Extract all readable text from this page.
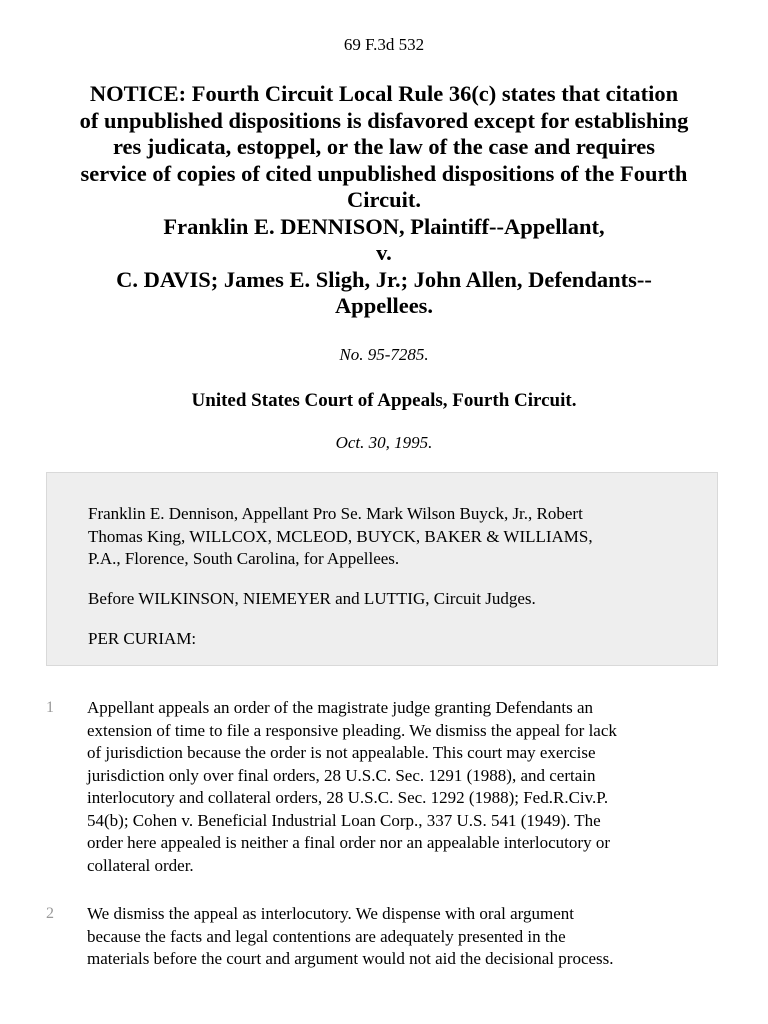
69 F.3d 532
NOTICE: Fourth Circuit Local Rule 36(c) states that citation
of unpublished dispositions is disfavored except for establishing
res judicata, estoppel, or the law of the case and requires
service of copies of cited unpublished dispositions of the Fourth
Circuit.
Franklin E. DENNISON, Plaintiff--Appellant,
v.
C. DAVIS; James E. Sligh, Jr.; John Allen, Defendants--
Appellees.
No. 95-7285.
United States Court of Appeals, Fourth Circuit.
Oct. 30, 1995.

Franklin E. Dennison, Appellant Pro Se. Mark Wilson Buyck, Jr., Robert
Thomas King, WILLCOX, MCLEOD, BUYCK, BAKER & WILLIAMS,
P.A., Florence, South Carolina, for Appellees.

Before WILKINSON, NIEMEYER and LUTTIG, Circuit Judges.

PER CURIAM:

1 Appellant appeals an order of the magistrate judge granting Defendants an
extension of time to file a responsive pleading. We dismiss the appeal for lack
of jurisdiction because the order is not appealable. This court may exercise
jurisdiction only over final orders, 28 U.S.C. Sec. 1291 (1988), and certain
interlocutory and collateral orders, 28 U.S.C. Sec. 1292 (1988); Fed.R.Civ.P.
54(b); Cohen v. Beneficial Industrial Loan Corp., 337 U.S. 541 (1949). The
order here appealed is neither a final order nor an appealable interlocutory or
collateral order.

2 We dismiss the appeal as interlocutory. We dispense with oral argument
because the facts and legal contentions are adequately presented in the
materials before the court and argument would not aid the decisional process.
